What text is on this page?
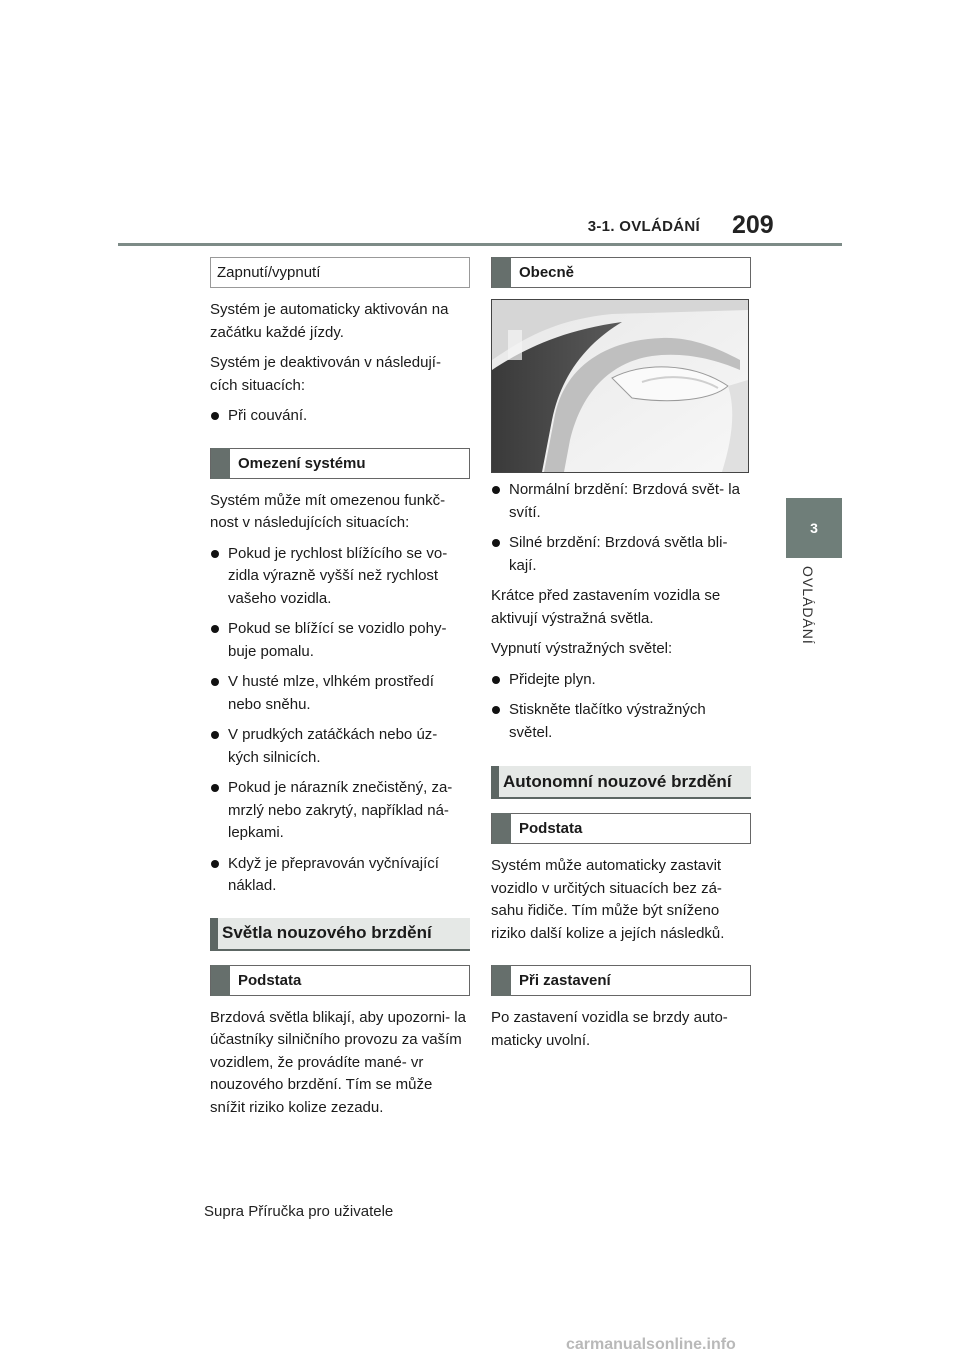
3-1. OVLÁDÁNÍ 209
3
OVLÁDÁNÍ
Zapnutí/vypnutí

Systém je automaticky aktivován na začátku každé jízdy.

Systém je deaktivován v následují- cích situacích:

Při couvání.
Omezení systému

Systém může mít omezenou funkč- nost v následujících situacích:

Pokud je rychlost blížícího se vo- zidla výrazně vyšší než rychlost vašeho vozidla.
Pokud se blížící se vozidlo pohy- buje pomalu.
V husté mlze, vlhkém prostředí nebo sněhu.
V prudkých zatáčkách nebo úz- kých silnicích.
Pokud je nárazník znečistěný, za- mrzlý nebo zakrytý, například ná- lepkami.
Když je přepravován vyčnívající náklad.
Světla nouzového brzdění
Podstata

Brzdová světla blikají, aby upozorni- la účastníky silničního provozu za vaším vozidlem, že provádíte mané- vr nouzového brzdění. Tím se může snížit riziko kolize zezadu.

Obecně
Normální brzdění: Brzdová svět- la svítí.
Silné brzdění: Brzdová světla bli- kají.

Krátce před zastavením vozidla se aktivují výstražná světla.

Vypnutí výstražných světel:

Přidejte plyn.
Stiskněte tlačítko výstražných světel.
Autonomní nouzové brzdění
Podstata

Systém může automaticky zastavit vozidlo v určitých situacích bez zá- sahu řidiče. Tím může být sníženo riziko další kolize a jejích následků.

Při zastavení

Po zastavení vozidla se brzdy auto- maticky uvolní.

Supra Příručka pro uživatele
carmanualsonline.info
